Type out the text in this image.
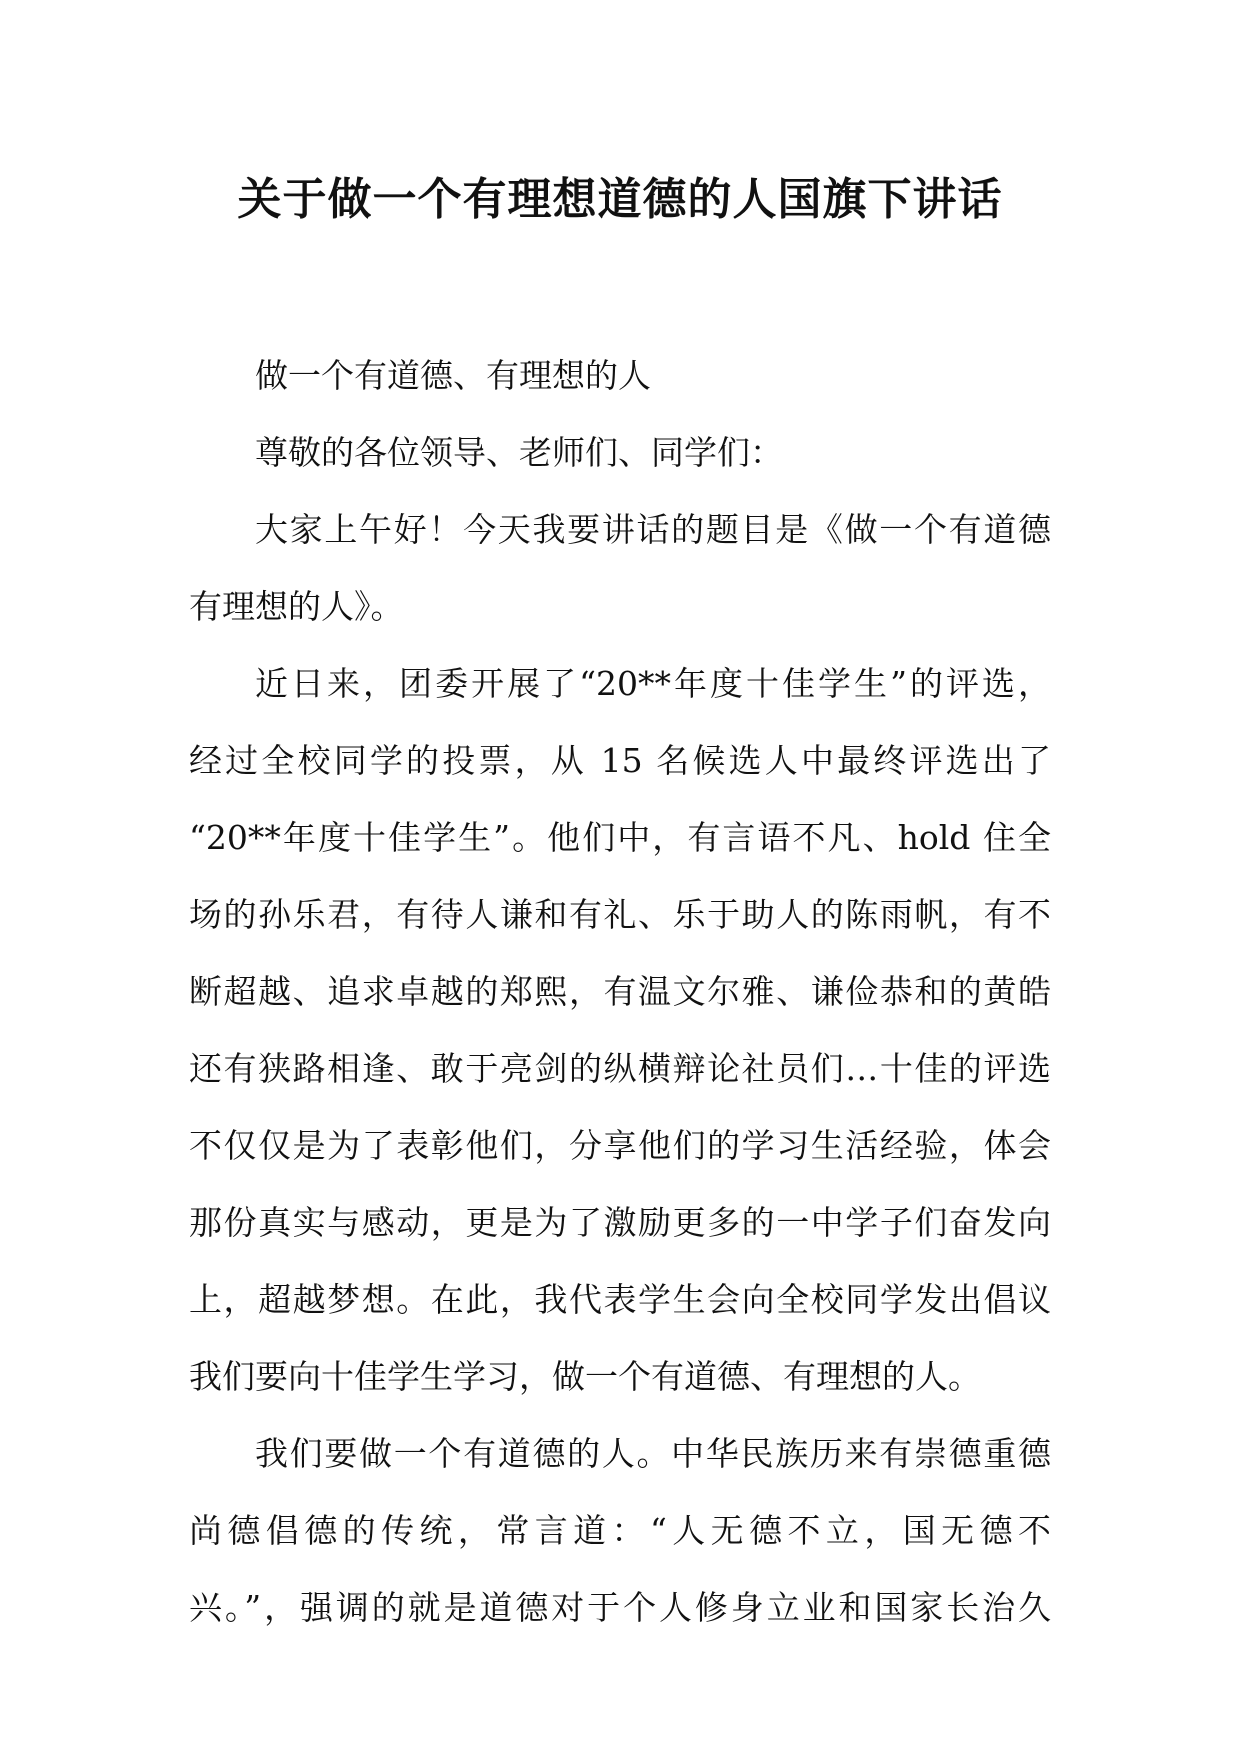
关于做一个有理想道德的人国旗下讲话
做一个有道德、有理想的人
尊敬的各位领导、老师们、同学们：
大家上午好！今天我要讲话的题目是《做一个有道德
有理想的人》。
近日来，团委开展了“20**年度十佳学生”的评选，
经过全校同学的投票，从 15 名候选人中最终评选出了
“20**年度十佳学生”。他们中，有言语不凡、hold 住全
场的孙乐君，有待人谦和有礼、乐于助人的陈雨帆，有不
断超越、追求卓越的郑熙，有温文尔雅、谦俭恭和的黄皓
还有狭路相逢、敢于亮剑的纵横辩论社员们…十佳的评选
不仅仅是为了表彰他们，分享他们的学习生活经验，体会
那份真实与感动，更是为了激励更多的一中学子们奋发向
上，超越梦想。在此，我代表学生会向全校同学发出倡议
我们要向十佳学生学习，做一个有道德、有理想的人。
我们要做一个有道德的人。中华民族历来有崇德重德
尚德倡德的传统，常言道：“人无德不立，国无德不
兴。”，强调的就是道德对于个人修身立业和国家长治久
